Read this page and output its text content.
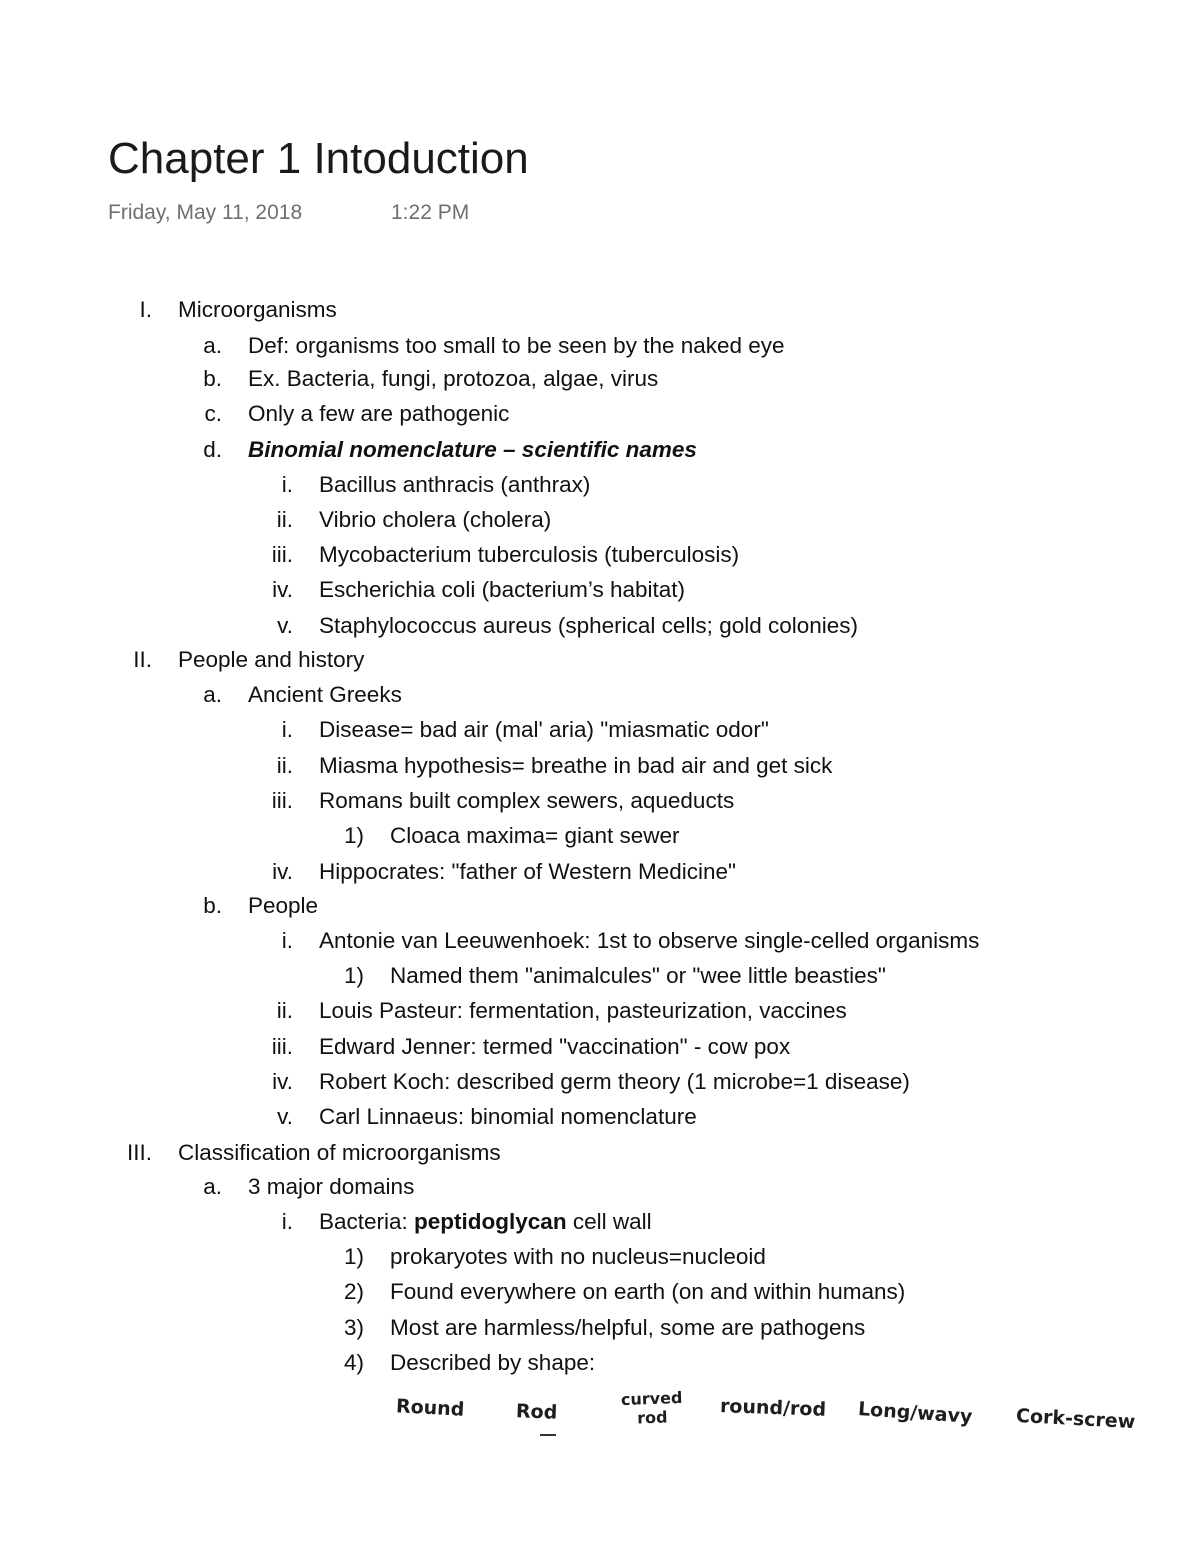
Chapter 1 Intoduction
Friday, May 11, 2018	1:22 PM
I. Microorganisms
a. Def: organisms too small to be seen by the naked eye
b. Ex. Bacteria, fungi, protozoa, algae, virus
c. Only a few are pathogenic
d. Binomial nomenclature – scientific names
i. Bacillus anthracis (anthrax)
ii. Vibrio cholera (cholera)
iii. Mycobacterium tuberculosis (tuberculosis)
iv. Escherichia coli (bacterium’s habitat)
v. Staphylococcus aureus (spherical cells; gold colonies)
II. People and history
a. Ancient Greeks
i. Disease= bad air (mal' aria) "miasmatic odor"
ii. Miasma hypothesis= breathe in bad air and get sick
iii. Romans built complex sewers, aqueducts
1) Cloaca maxima= giant sewer
iv. Hippocrates: "father of Western Medicine"
b. People
i. Antonie van Leeuwenhoek: 1st to observe single-celled organisms
1) Named them "animalcules" or "wee little beasties"
ii. Louis Pasteur: fermentation, pasteurization, vaccines
iii. Edward Jenner: termed "vaccination" - cow pox
iv. Robert Koch: described germ theory (1 microbe=1 disease)
v. Carl Linnaeus: binomial nomenclature
III. Classification of microorganisms
a. 3 major domains
i. Bacteria: peptidoglycan cell wall
1) prokaryotes with no nucleus=nucleoid
2) Found everywhere on earth (on and within humans)
3) Most are harmless/helpful, some are pathogens
4) Described by shape:
Round	Rod
curved rod	round/rod Long/wavy Cork-screw
